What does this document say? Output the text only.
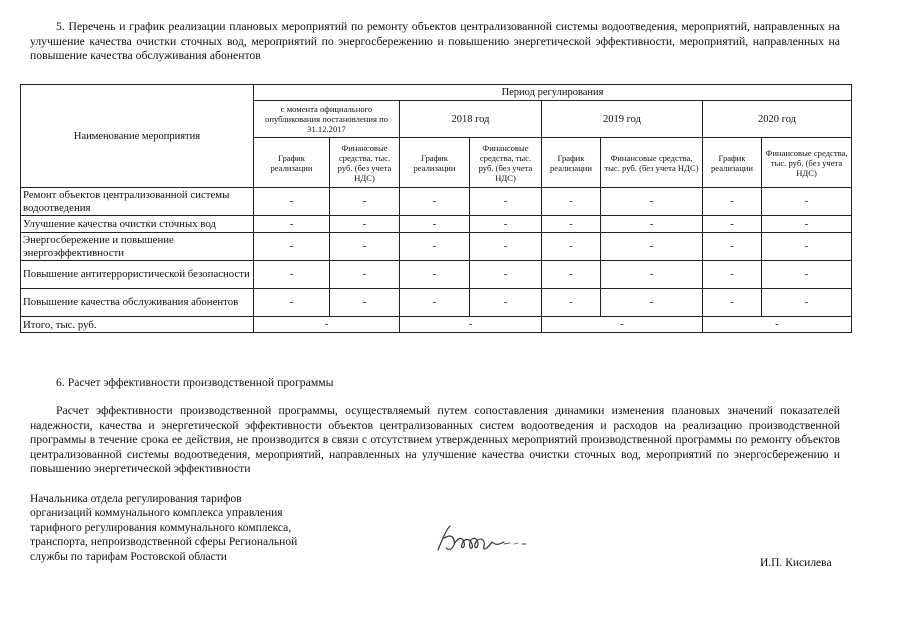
5. Перечень и график реализации плановых мероприятий по ремонту объектов централизованной системы водоотведения, мероприятий, направленных на улучшение качества очистки сточных вод, мероприятий по энергосбережению и повышению энергетической эффективности, мероприятий, направленных на повышение качества обслуживания абонентов
Наименование мероприятия	Период регулирования							
	с момента официального опубликования постановления по 31.12.2017		2018 год		2019 год		2020 год	
	График реализации	Финансовые средства, тыс. руб. (без учета НДС)	График реализации	Финансовые средства, тыс. руб. (без учета НДС)	График реализации	Финансовые средства, тыс. руб. (без учета НДС)	График реализации	Финансовые средства, тыс. руб. (без учета НДС)
Ремонт объектов централизованной системы водоотведения	-	-	-	-	-	-	-	-
Улучшение качества очистки сточных вод	-	-	-	-	-	-	-	-
Энергосбережение и повышение энергоэффективности	-	-	-	-	-	-	-	-
Повышение антитеррористической безопасности	-	-	-	-	-	-	-	-
Повышение качества обслуживания абонентов	-	-	-	-	-	-	-	-
Итого, тыс. руб.	-		-		-		-	
6. Расчет эффективности производственной программы
Расчет эффективности производственной программы, осуществляемый путем сопоставления динамики изменения плановых значений показателей надежности, качества и энергетической эффективности объектов централизованных систем водоотведения и расходов на реализацию производственной программы в течение срока ее действия, не производится в связи с отсутствием утвержденных мероприятий производственной программы по ремонту объектов централизованной системы водоотведения, мероприятий, направленных на улучшение качества очистки сточных вод, мероприятий по энергосбережению и повышению энергетической эффективности
Начальника отдела регулирования тарифов
организаций коммунального комплекса управления
тарифного регулирования коммунального комплекса,
транспорта, непроизводственной сферы Региональной
службы по тарифам Ростовской области
И.П. Кисилева
